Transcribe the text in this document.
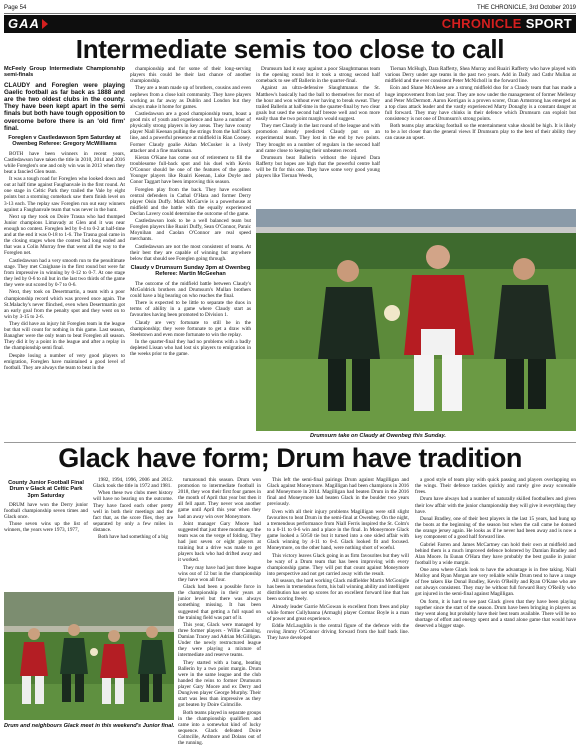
Page 54	THE CHRONICLE, 3rd October 2019
GAA	CHRONICLE SPORT
Intermediate semis too close to call

McFeely Group Intermediate Championship semi-finals

CLAUDY and Foreglen were playing Gaelic football as far back as 1888 and are the two oldest clubs in the county. They have been kept apart in the semi finals but both have tough opposition to overcome before there is an 'old firm' final.

Foreglen v Castledawson 5pm Saturday at Owenbeg Referee: Gregory McWilliams

BOTH have been winners in recent years, Castledawson have taken the title in 2010, 2014 and 2016 while Foreglen's one and only win was in 2013 when they beat a fancied Glen team.

It was a tough road for Foreglen who looked down and out at half time against Faughanvale in the first round. At one stage in Celtic Park they trailed the Vale by eight points but a storming comeback saw them finish level on 3-13 each. The replay saw Foreglen run out easy winners against a Faughanvale team that was never in the hunt.

Next up they took on Doire Trasna who had thumped Junior champions Limavady at Glen and it was near enough no contest. Foreglen led by 0-4 to 0-2 at half-time and at the end it was 0-18 to 1-6. The Trasna goal came in the closing stages when the contest had long ended and that was a Colin Murray free that went all the way to the Foreglen net.

Castledawson had a very smooth run to the penultimate stage. They met Craigbane in the first round but were far from impressive in winning by 0-12 to 0-7. At one stage they led by 0-6 to nil but in the last two thirds of the game they were out scored by 0-7 to 0-6.

Next, they took on Desertmartin, a team with a poor championship record which was proved once again. The St.Malachy's never flinched, even when Desertmartin got an early goal from the penalty spot and they went on to win by 3-15 to 2-6.

They did have an injury hit Foreglen team in the league but that will count for nothing in this game. Last season, Banagher were the only team to beat Foreglen all season. They did it by a point in the league and after a replay in the championship semi final.

Despite losing a number of very good players to emigration, Foreglen have maintained a good level of football. They are always the team to beat in the

championship and for some of their long-serving players this could be their last chance of another championship.

They are a team made up of brothers, cousins and even nephews from a close knit community. They have players working as far away as Dublin and London but they always make it home for games.

Castledawson are a good championship team, boast a good mix of youth and experience and have a number of physically strong players in key areas. They have county player Niall Keenan pulling the strings from the half back line, and a powerful presence at midfield in Rian Cooney. Former Claudy goalie Aidan McCusker is a lively attacker and a fine marksman.

Kieran O'Kane has come out of retirement to fill the troublesome full-back spot and his duel with Kevin O'Connor should be one of the features of the game. Younger players like Ruairi Keenan, Luke Doyle and Conor Taggart have been improving this season.

Foreglen play from the back. They have excellent central defenders in Cathal O'Hara and former Derry player Oisin Duffy. Mark McGarvie is a powerhouse at midfield and the battle with the equally experienced Declan Lavery could determine the outcome of the game.

Castledawson look to be a well balanced team but Foreglen players like Ruairi Duffy, Sean O'Connor, Paraic Moynihan and Caolan O'Connor are real speed merchants.

Castledawson are not the most consistent of teams. At their best they are capable of winning but anywhere below that should see Foreglen going through.

Claudy v Drumsurn Sunday 3pm at Owenbeg Referee: Martin McGeehan

The outcome of the midfield battle between Claudy's McGoldrick brothers and Drumsurn's Mullan brothers could have a big bearing on who reaches the final.

There is expected to be little to separate the duos in terms of ability in a game where Claudy start as favourites having been promoted to Division 1.

Claudy are very fortunate to still be in the championship; they were fortunate to get a draw with Steelstown and even more fortunate to win the replay.

In the quarter-final they had no problems with a badly depleted Lissan who had lost six players to emigration in the weeks prior to the game.

Drumsurn had it easy against a poor Slaughtmanus team in the opening round but it took a strong second half comeback to see off Ballerin in the quarter-final.

Against an ultra-defensive Slaughtmanus the St. Matthew's basically had the ball to themselves for most of the hour and won without ever having to break sweat. They trailed Ballerin at half-time in the quarter-final by two clear goals but used the second half breeze well and won more easily than the two point margin would suggest.

They met Claudy in the last round of the league and with promotion already predicted Claudy put on an experimental team. They lost in the end by two points. They brought on a number of regulars in the second half and came close to keeping their unbeaten record.

Drumsurn beat Ballerin without the injured Dara Rafferty but hopes are high that the powerful centre half will be fit for this one. They have some very good young players like Tiernan Weeds,

Tiernan McHugh, Dara Rafferty, Shea Murray and Ruairi Rafferty who have played with various Derry under age teams in the past two years. Add in Daify and Cathr Mullan at midfield and the ever consistent Peter McNicholl in the forward line.

Eoin and Shane McAleese are a strong midfield duo for a Claudy team that has made a huge improvement from last year. They are now under the management of former Melleray and Peter McDermott. Aaron Kerrigan is a proven scorer, Ozan Armstrong has emerged as a top class attack leader and the vastly experienced Marty Donaghy is a constant danger at full forward. They may have chinks in their defence which Drumsurn can exploit but consistency is not one of Drumsurn's strong points.

Both teams play attacking football so the entertainment value should be high. It is likely to be a lot closer than the general views If Drumsurn play to the best of their ability they can cause an upset.

Drumsurn take on Claudy at Owenbeg this Sunday.
Glack have form; Drum have tradition

County Junior Football Final Drum v Glack at Celtic Park 3pm Saturday

DRUM have won the Derry junior football championship seven times and Glack once.

Those seven wins up the list of winners, the years were 1973, 1977,

1982, 1994, 1996, 2006 and 2012. Glack took the title in 1972 and 1981.

When these two clubs meet history will have no bearing on the outcome. They have faced each other pretty well in both their meetings and the fact that, as the score flies, they are separated by only a few miles in distance.

Both have had something of a big

turnaround this season. Drum won promotion to intermediate football in 2018, they won their first four games in the month of April that year but then it all fell apart. They never won another game until April this year when they had an away win over Moneymore.

Joint manager Gary Moore had suggested that just three months ago the team was on the verge of folding. They had just seven or eight players at training but a drive was made to get players back who had drifted away and it worked.

They may have had just three league wins out of 12 but in the championship they have won all four.

Glack had been a possible force in the championship in their years at junior level but there was always something missing. It has been suggested that getting a full squad on the training field was part of it.

This year, Glack were managed by three former players - Willie Canning, Damian Tracey and Adrian McGilligan. Under the newly restructured league they were playing a mixture of intermediate and reserve teams.

They started with a bang, beating Ballerin by a two point margin. Drum were in the same league and the club handed the reins to former Drumsurn player Gary Moore and ex Derry and Dungiven player George Murphy. Their start was less than impressive as they got beaten by Doire Colmcille.

Both teams played in separate groups in the championship qualifiers and came into a somewhat kind of lucky sequence. Glack defeated Doire Colmcille, Ardmore and Dolans out of the running.

This left the semi-final pairings Drum against Magilligan and Glack against Moneymore. Magilligan had been champions in 2016 and Moneymore in 2014. Magilligan had beaten Drum in the 2016 final and Moneymore had beaten Glack in the boulder two years previously.

Even with all their injury problems Magilligan were still slight favourites to beat Drum in the semi-final at Owenbeg. On the night, a tremendous performance from Niall Ferris inspired the St. Colm's to a 0-11 to 0-6 win and a place in the final. In Moneymore Glack game looked a 50/50 tie but it turned into a one sided affair with Glack winning by 4-11 to 0-4. Glack looked fit and focused. Moneymore, on the other hand, were nothing short of woeful.

This victory leaves Glack going in as firm favourites but they will be wary of a Drum team that has been improving with every championship game. They will put that count against Moneymore into perspective and not get carried away with the result.

All season, the hard working Glack midfielder Martin McGonigle has been in tremendous form, his ball winning ability and intelligent distribution has set up scores for an excellent forward line that has been scoring freely.

Already leader Garrie McGowan is excellent from frees and play while former Cullybanna (Armagh) player Cormac Boyle is a man of power and great experience.

Eddie McLaughlin is the central figure of the defence with the roving Jimmy O'Connor driving forward from the half back line. They have developed

a good style of team play with quick passing and players overlapping on the wings. Their defence tackles quickly and rarely give away scoreable frees.

Drum have always had a number of naturally skilled footballers and given their low affair with the junior championship they will give it everything they have.

Donal Bradley, one of their best players in the last 15 years, had hung up the boots at the beginning of the season but when the call came he donned the orange jersey again. He looks as if he never had been away and is now a key component of a good half forward line.

Gabriel Farren and James McCartney can hold their own at midfield and behind them is a much improved defence bolstered by Damian Bradley and Alan Moore. In Eunan O'Hara they have probably the best goalie in junior football by a wide margin.

One area where Glack look to have the advantage is in free taking. Niall Molloy and Ryan Morgan are very reliable while Drum tend to have a range of free takers like Donal Bradley, Kevin O'Reilly and Ryan O'Kane who are not always consistent. They may be without full forward Rory O'Reilly who got injured in the semi-final against Magilligan.

On form, it is hard to see past Glack given that they have been playing together since the start of the season. Drum have been bringing in players as they went along but probably have their best team available. There will be no shortage of effort and energy spent and a stand alone game that would have deserved a bigger stage.

Drum and neighbours Glack meet in this weekend's Junior final.
